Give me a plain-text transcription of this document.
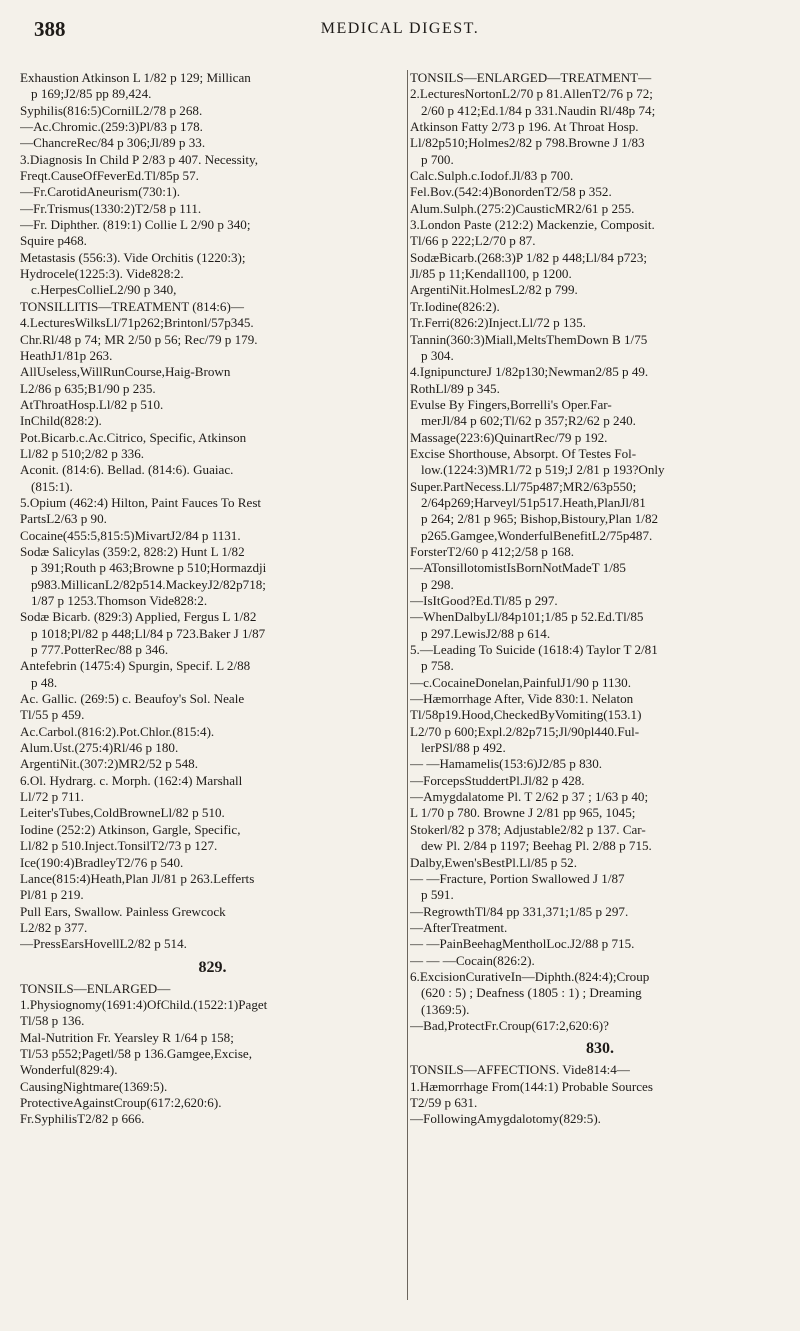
388	MEDICAL DIGEST.
Exhaustion Atkinson L 1/82 p 129; Millican
p 169;J2/85 pp 89,424.
Syphilis(816:5)CornilL2/78 p 268.
—Ac.Chromic.(259:3)Pl/83 p 178.
—ChancreRec/84 p 306;Jl/89 p 33.
3.Diagnosis In Child P 2/83 p 407. Necessity,
Freqt.CauseOfFeverEd.Tl/85p 57.
—Fr.CarotidAneurism(730:1).
—Fr.Trismus(1330:2)T2/58 p 111.
—Fr. Diphther. (819:1) Collie L 2/90 p 340;
Squire p468.
Metastasis (556:3). Vide Orchitis (1220:3);
Hydrocele(1225:3). Vide828:2.
c.HerpesCollieL2/90 p 340,
TONSILLITIS—TREATMENT (814:6)—
4.LecturesWilksLl/71p262;Brintonl/57p345.
Chr.Rl/48 p 74; MR 2/50 p 56; Rec/79 p 179.
HeathJ1/81p 263.
AllUseless,WillRunCourse,Haig-Brown
L2/86 p 635;B1/90 p 235.
AtThroatHosp.Ll/82 p 510.
InChild(828:2).
Pot.Bicarb.c.Ac.Citrico, Specific, Atkinson
Ll/82 p 510;2/82 p 336.
Aconit. (814:6). Bellad. (814:6). Guaiac.
(815:1).
5.Opium (462:4) Hilton, Paint Fauces To Rest
PartsL2/63 p 90.
Cocaine(455:5,815:5)MivartJ2/84 p 1131.
Sodæ Salicylas (359:2, 828:2) Hunt L 1/82
p 391;Routh p 463;Browne p 510;Hormazdji
p983.MillicanL2/82p514.MackeyJ2/82p718;
1/87 p 1253.Thomson Vide828:2.
Sodæ Bicarb. (829:3) Applied, Fergus L 1/82
p 1018;Pl/82 p 448;Ll/84 p 723.Baker J 1/87
p 777.PotterRec/88 p 346.
Antefebrin (1475:4) Spurgin, Specif. L 2/88
p 48.
Ac. Gallic. (269:5) c. Beaufoy's Sol. Neale
Tl/55 p 459.
Ac.Carbol.(816:2).Pot.Chlor.(815:4).
Alum.Ust.(275:4)Rl/46 p 180.
ArgentiNit.(307:2)MR2/52 p 548.
6.Ol. Hydrarg. c. Morph. (162:4) Marshall
Ll/72 p 711.
Leiter'sTubes,ColdBrowneLl/82 p 510.
Iodine (252:2) Atkinson, Gargle, Specific,
Ll/82 p 510.Inject.TonsilT2/73 p 127.
Ice(190:4)BradleyT2/76 p 540.
Lance(815:4)Heath,Plan Jl/81 p 263.Lefferts
Pl/81 p 219.
Pull Ears, Swallow. Painless Grewcock
L2/82 p 377.
—PressEarsHovellL2/82 p 514.
829.
TONSILS—ENLARGED—
1.Physiognomy(1691:4)OfChild.(1522:1)Paget
Tl/58 p 136.
Mal-Nutrition Fr. Yearsley R 1/64 p 158;
Tl/53 p552;Pagetl/58 p 136.Gamgee,Excise,
Wonderful(829:4).
CausingNightmare(1369:5).
ProtectiveAgainstCroup(617:2,620:6).
Fr.SyphilisT2/82 p 666.
TONSILS—ENLARGED—TREATMENT—
2.LecturesNortonL2/70 p 81.AllenT2/76 p 72;
2/60 p 412;Ed.1/84 p 331.Naudin Rl/48p 74;
Atkinson Fatty 2/73 p 196. At Throat Hosp.
Ll/82p510;Holmes2/82 p 798.Browne J 1/83
p 700.
Calc.Sulph.c.Iodof.Jl/83 p 700.
Fel.Bov.(542:4)BonordenT2/58 p 352.
Alum.Sulph.(275:2)CausticMR2/61 p 255.
3.London Paste (212:2) Mackenzie, Composit.
Tl/66 p 222;L2/70 p 87.
SodæBicarb.(268:3)P 1/82 p 448;Ll/84 p723;
Jl/85 p 11;Kendall100, p 1200.
ArgentiNit.HolmesL2/82 p 799.
Tr.Iodine(826:2).
Tr.Ferri(826:2)Inject.Ll/72 p 135.
Tannin(360:3)Miall,MeltsThemDown B 1/75
p 304.
4.IgnipunctureJ 1/82p130;Newman2/85 p 49.
RothLl/89 p 345.
Evulse By Fingers,Borrelli's Oper.Far-
merJl/84 p 602;Tl/62 p 357;R2/62 p 240.
Massage(223:6)QuinartRec/79 p 192.
Excise Shorthouse, Absorpt. Of Testes Fol-
low.(1224:3)MR1/72 p 519;J 2/81 p 193?Only
Super.PartNecess.Ll/75p487;MR2/63p550;
2/64p269;Harveyl/51p517.Heath,PlanJl/81
p 264; 2/81 p 965; Bishop,Bistoury,Plan 1/82
p265.Gamgee,WonderfulBenefitL2/75p487.
ForsterT2/60 p 412;2/58 p 168.
—ATonsillotomistIsBornNotMadeT 1/85
p 298.
—IsItGood?Ed.Tl/85 p 297.
—WhenDalbyLl/84p101;1/85 p 52.Ed.Tl/85
p 297.LewisJ2/88 p 614.
5.—Leading To Suicide (1618:4) Taylor T 2/81
p 758.
—c.CocaineDonelan,PainfulJ1/90 p 1130.
—Hæmorrhage After, Vide 830:1. Nelaton
Tl/58p19.Hood,CheckedByVomiting(153.1)
L2/70 p 600;Expl.2/82p715;Jl/90pl440.Ful-
lerPSl/88 p 492.
— —Hamamelis(153:6)J2/85 p 830.
—ForcepsStuddertPl.Jl/82 p 428.
—Amygdalatome Pl. T 2/62 p 37 ; 1/63 p 40;
L 1/70 p 780. Browne J 2/81 pp 965, 1045;
Stokerl/82 p 378; Adjustable2/82 p 137. Car-
dew Pl. 2/84 p 1197; Beehag Pl. 2/88 p 715.
Dalby,Ewen'sBestPl.Ll/85 p 52.
— —Fracture, Portion Swallowed J 1/87
p 591.
—RegrowthTl/84 pp 331,371;1/85 p 297.
—AfterTreatment.
— —PainBeehagMentholLoc.J2/88 p 715.
— — —Cocain(826:2).
6.ExcisionCurativeIn—Diphth.(824:4);Croup
(620 : 5) ; Deafness (1805 : 1) ; Dreaming
(1369:5).
—Bad,ProtectFr.Croup(617:2,620:6)?
830.
TONSILS—AFFECTIONS. Vide814:4—
1.Hæmorrhage From(144:1) Probable Sources
T2/59 p 631.
—FollowingAmygdalotomy(829:5).
